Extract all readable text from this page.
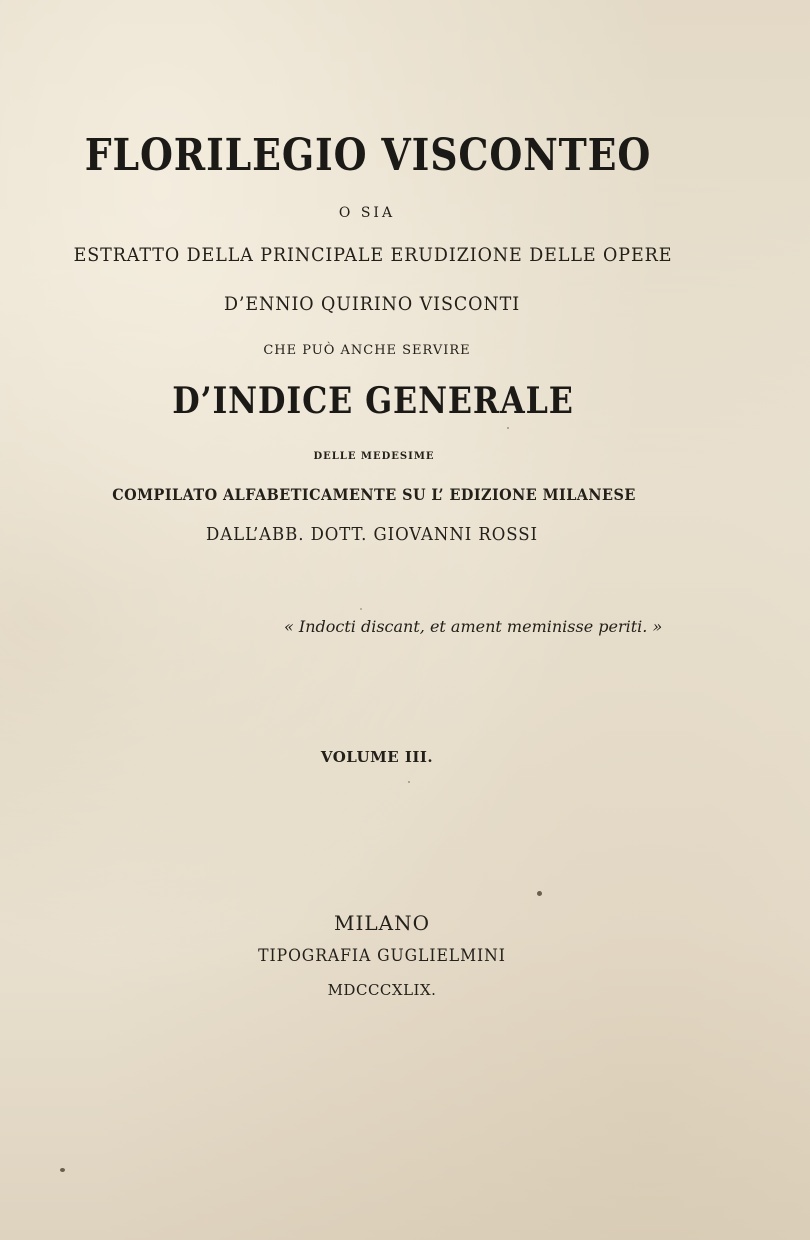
FLORILEGIO VISCONTEO
O SIA
ESTRATTO DELLA PRINCIPALE ERUDIZIONE DELLE OPERE
D’ENNIO QUIRINO VISCONTI
CHE PUÒ ANCHE SERVIRE
D’INDICE GENERALE
DELLE MEDESIME
COMPILATO ALFABETICAMENTE SU L’ EDIZIONE MILANESE
DALL’ABB. DOTT. GIOVANNI ROSSI
« Indocti discant, et ament meminisse periti. »
VOLUME III.
MILANO
TIPOGRAFIA GUGLIELMINI
MDCCCXLIX.
